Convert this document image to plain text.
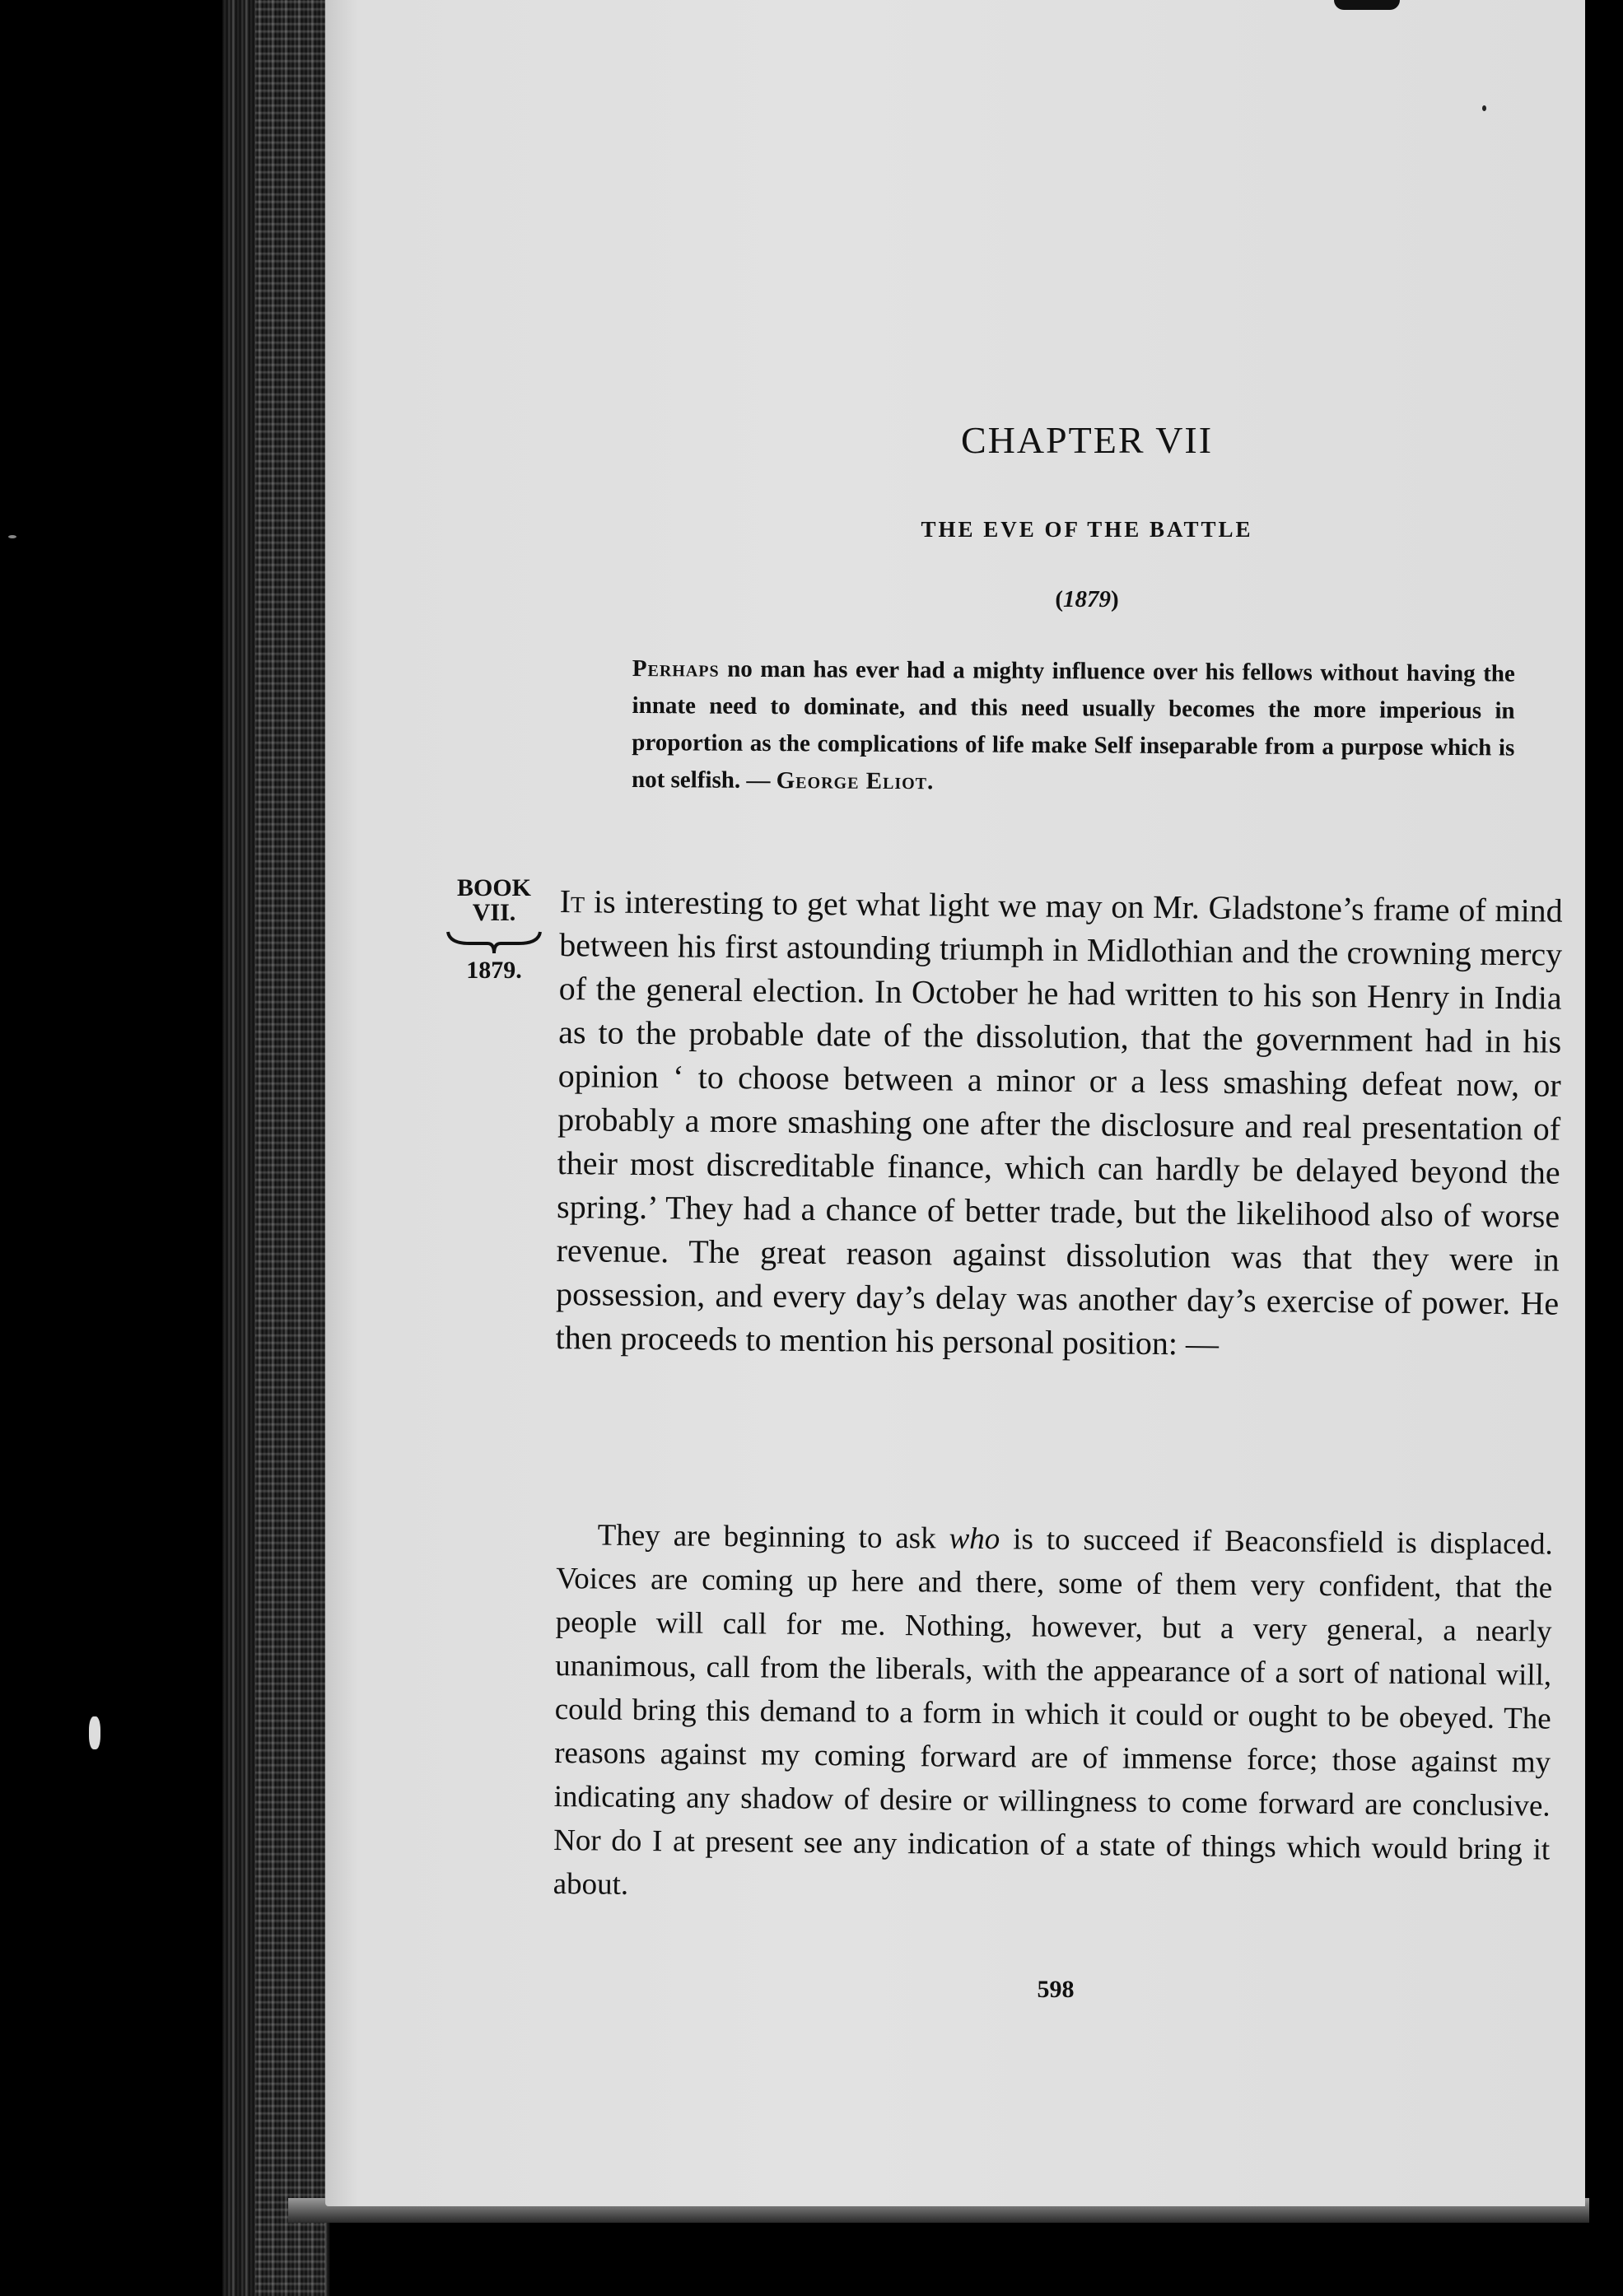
CHAPTER VII
THE EVE OF THE BATTLE
(1879)
Perhaps no man has ever had a mighty influence over his fellows without having the innate need to dominate, and this need usually becomes the more imperious in proportion as the complications of life make Self inseparable from a purpose which is not selfish. — George Eliot.
BOOK
VII.
1879.
It is interesting to get what light we may on Mr. Gladstone’s frame of mind between his first astounding triumph in Midlothian and the crowning mercy of the general election. In October he had written to his son Henry in India as to the probable date of the dissolution, that the government had in his opinion ‘ to choose between a minor or a less smashing defeat now, or probably a more smashing one after the disclosure and real presentation of their most discreditable finance, which can hardly be delayed beyond the spring.’ They had a chance of better trade, but the likelihood also of worse revenue. The great reason against dissolution was that they were in possession, and every day’s delay was another day’s exercise of power. He then proceeds to mention his personal position: —
They are beginning to ask who is to succeed if Beaconsfield is displaced. Voices are coming up here and there, some of them very confident, that the people will call for me. Nothing, however, but a very general, a nearly unanimous, call from the liberals, with the appearance of a sort of national will, could bring this demand to a form in which it could or ought to be obeyed. The reasons against my coming forward are of immense force; those against my indicating any shadow of desire or willingness to come forward are conclusive. Nor do I at present see any indication of a state of things which would bring it about.
598
